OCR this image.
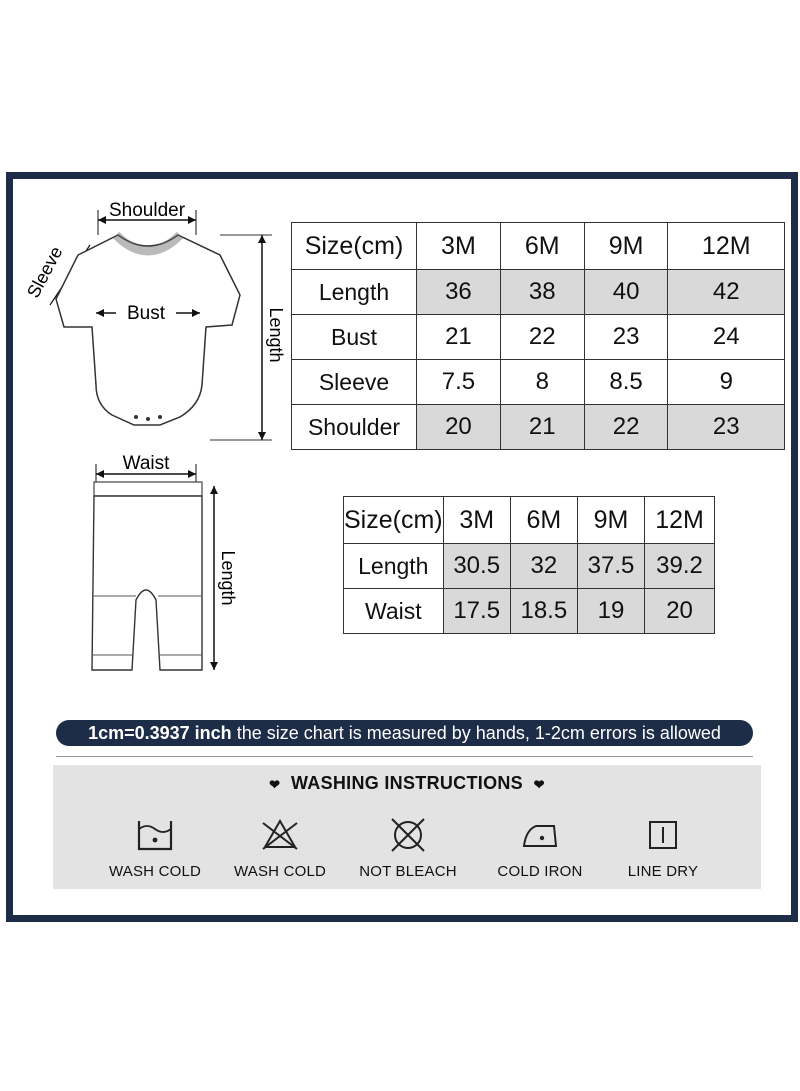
Shoulder
Sleeve
Bust	Length
Waist
Length
Size(cm)	3M	6M	9M	12M
Length	36	38	40	42
Bust	21	22	23	24
Sleeve	7.5	8	8.5	9
Shoulder	20	21	22	23
Size(cm)	3M	6M	9M	12M
Length	30.5	32	37.5	39.2
Waist	17.5	18.5	19	20
1cm=0.3937 inch the size chart is measured by hands, 1-2cm errors is allowed
❤ WASHING INSTRUCTIONS ❤
WASH COLD	WASH COLD	NOT BLEACH	COLD IRON	LINE DRY
